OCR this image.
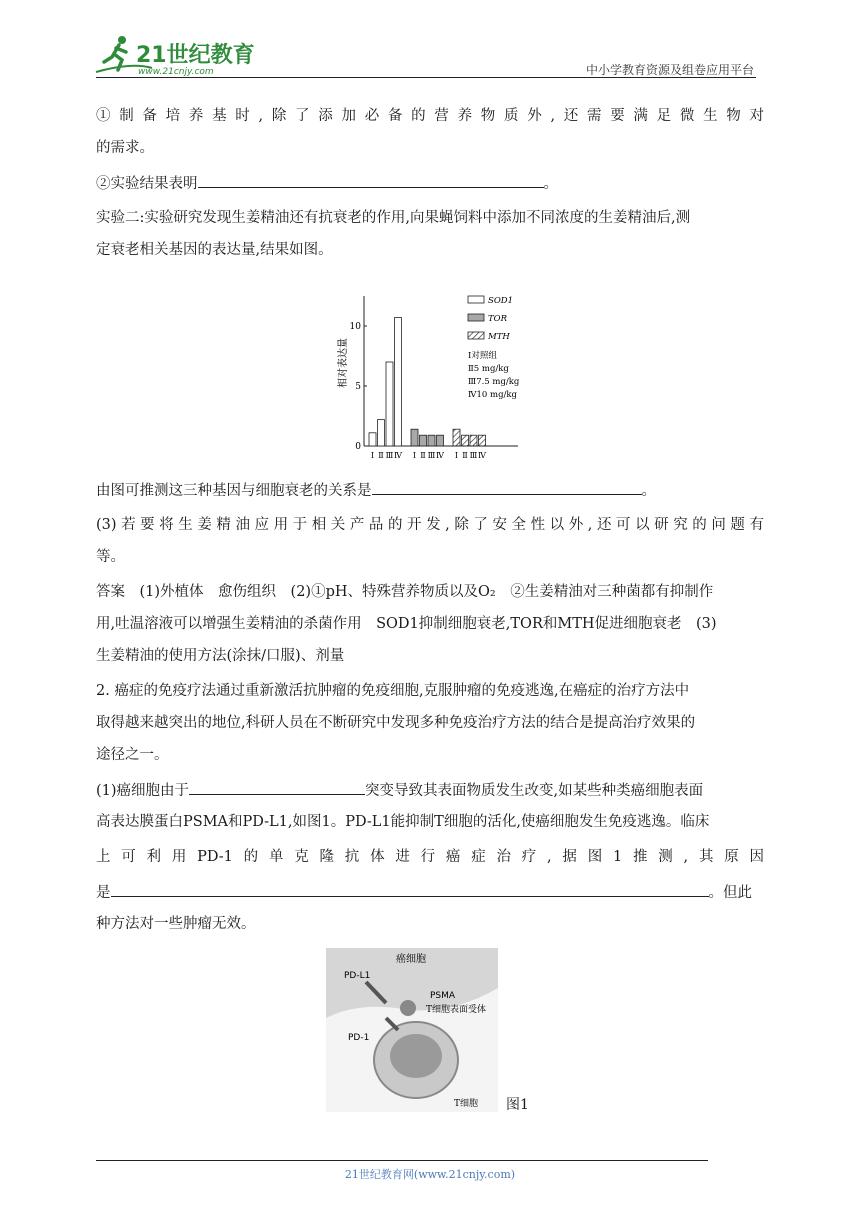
21世纪教育
www.21cnjy.com	中小学教育资源及组卷应用平台
①制备培养基时,除了添加必备的营养物质外,还需要满足微生物对
的需求。
②实验结果表明	。
实验二:实验研究发现生姜精油还有抗衰老的作用,向果蝇饲料中添加不同浓度的生姜精油后,测
定衰老相关基因的表达量,结果如图。
相对表达量
0
5
10
Ⅰ Ⅱ Ⅲ Ⅳ Ⅰ Ⅱ Ⅲ Ⅳ Ⅰ Ⅱ Ⅲ Ⅳ
SOD1
TOR
MTH
Ⅰ对照组
Ⅱ5 mg/kg
Ⅲ7.5 mg/kg
Ⅳ10 mg/kg
由图可推测这三种基因与细胞衰老的关系是	。
(3)若要将生姜精油应用于相关产品的开发,除了安全性以外,还可以研究的问题有
等。
答案　(1)外植体　愈伤组织　(2)①pH、特殊营养物质以及O₂　②生姜精油对三种菌都有抑制作
用,吐温溶液可以增强生姜精油的杀菌作用　SOD1抑制细胞衰老,TOR和MTH促进细胞衰老　(3)
生姜精油的使用方法(涂抹/口服)、剂量
2. 癌症的免疫疗法通过重新激活抗肿瘤的免疫细胞,克服肿瘤的免疫逃逸,在癌症的治疗方法中
取得越来越突出的地位,科研人员在不断研究中发现多种免疫治疗方法的结合是提高治疗效果的
途径之一。
(1)癌细胞由于	突变导致其表面物质发生改变,如某些种类癌细胞表面
高表达膜蛋白PSMA和PD-L1,如图1。PD-L1能抑制T细胞的活化,使癌细胞发生免疫逃逸。临床
上可利用PD-1的单克隆抗体进行癌症治疗,据图1推测,其原因
是	。但此
种方法对一些肿瘤无效。
癌细胞
PD-L1
PSMA
T细胞表面受体
PD-1
T细胞 图1
21世纪教育网(www.21cnjy.com)
